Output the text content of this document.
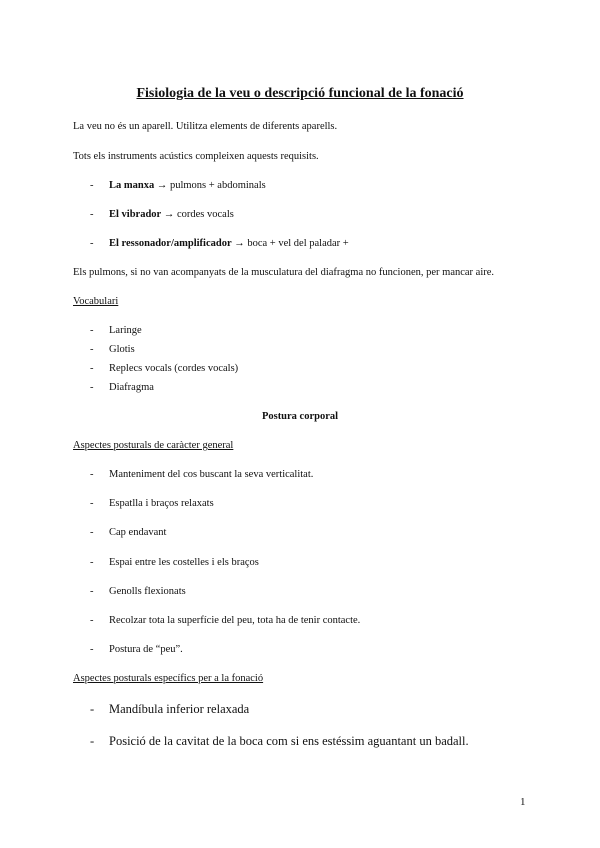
Fisiologia de la veu o descripció funcional de la fonació
La veu no és un aparell. Utilitza elements de diferents aparells.
Tots els instruments acústics compleixen aquests requisits.
- La manxa → pulmons + abdominals
- El vibrador → cordes vocals
- El ressonador/amplificador → boca + vel del paladar +
Els pulmons, si no van acompanyats de la musculatura del diafragma no funcionen, per mancar aire.
Vocabulari
- Laringe
- Glotis
- Replecs vocals (cordes vocals)
- Diafragma
Postura corporal
Aspectes posturals de caràcter general
- Manteniment del cos buscant la seva verticalitat.
- Espatlla i braços relaxats
- Cap endavant
- Espai entre les costelles i els braços
- Genolls flexionats
- Recolzar tota la superfície del peu, tota ha de tenir contacte.
- Postura de “peu”.
Aspectes posturals específics per a la fonació
- Mandíbula inferior relaxada
- Posició de la cavitat de la boca com si ens estéssim aguantant un badall.
1
